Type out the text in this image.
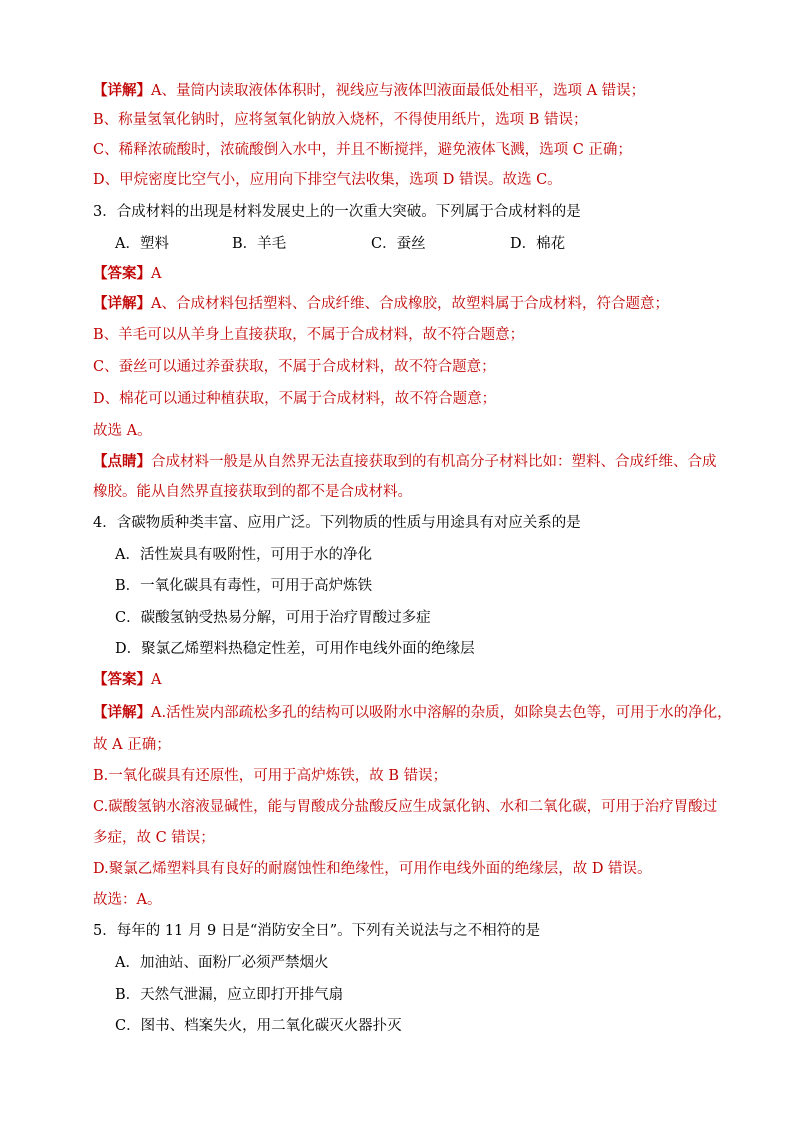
【详解】A、量筒内读取液体体积时，视线应与液体凹液面最低处相平，选项 A 错误；
B、称量氢氧化钠时，应将氢氧化钠放入烧杯，不得使用纸片，选项 B 错误；
C、稀释浓硫酸时，浓硫酸倒入水中，并且不断搅拌，避免液体飞溅，选项 C 正确；
D、甲烷密度比空气小，应用向下排空气法收集，选项 D 错误。故选 C。
3．合成材料的出现是材料发展史上的一次重大突破。下列属于合成材料的是
A．塑料	B．羊毛	C．蚕丝	D．棉花
【答案】A
【详解】A、合成材料包括塑料、合成纤维、合成橡胶，故塑料属于合成材料，符合题意；
B、羊毛可以从羊身上直接获取，不属于合成材料，故不符合题意；
C、蚕丝可以通过养蚕获取，不属于合成材料，故不符合题意；
D、棉花可以通过种植获取，不属于合成材料，故不符合题意；
故选 A。
【点睛】合成材料一般是从自然界无法直接获取到的有机高分子材料比如：塑料、合成纤维、合成
橡胶。能从自然界直接获取到的都不是合成材料。
4．含碳物质种类丰富、应用广泛。下列物质的性质与用途具有对应关系的是
A．活性炭具有吸附性，可用于水的净化
B．一氧化碳具有毒性，可用于高炉炼铁
C．碳酸氢钠受热易分解，可用于治疗胃酸过多症
D．聚氯乙烯塑料热稳定性差，可用作电线外面的绝缘层
【答案】A
【详解】A.活性炭内部疏松多孔的结构可以吸附水中溶解的杂质，如除臭去色等，可用于水的净化，
故 A 正确；
B.一氧化碳具有还原性，可用于高炉炼铁，故 B 错误；
C.碳酸氢钠水溶液显碱性，能与胃酸成分盐酸反应生成氯化钠、水和二氧化碳，可用于治疗胃酸过
多症，故 C 错误；
D.聚氯乙烯塑料具有良好的耐腐蚀性和绝缘性，可用作电线外面的绝缘层，故 D 错误。
故选：A。
5．每年的 11 月 9 日是“消防安全日”。下列有关说法与之不相符的是
A．加油站、面粉厂必须严禁烟火
B．天然气泄漏，应立即打开排气扇
C．图书、档案失火，用二氧化碳灭火器扑灭
